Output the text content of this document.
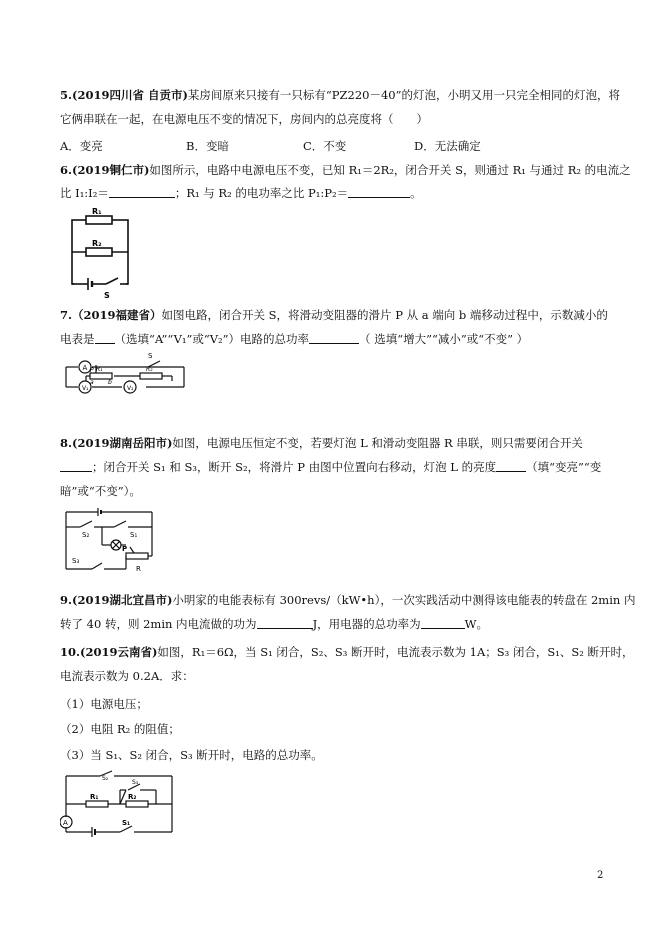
5.(2019四川省 自贡市)某房间原来只接有一只标有“PZ220－40”的灯泡，小明又用一只完全相同的灯泡，将
它俩串联在一起，在电源电压不变的情况下，房间内的总亮度将（　　）
A．变亮	B．变暗	C．不变	D．无法确定
6.(2019铜仁市)如图所示，电路中电源电压不变，已知 R₁＝2R₂，闭合开关 S，则通过 R₁ 与通过 R₂ 的电流之
比 I₁:I₂＝	；R₁ 与 R₂ 的电功率之比 P₁:P₂＝	。
R₁
R₂
S
7.（2019福建省）如图电路，闭合开关 S，将滑动变阻器的滑片 P 从 a 端向 b 端移动过程中，示数减小的
电表是 （选填“A”“V₁”或“V₂”）电路的总功率	（ 选填“增大”“减小”或“不变” ）
A
S
P R₁	R₂
a b
V₁	V₂
8.(2019湖南岳阳市)如图，电源电压恒定不变，若要灯泡 L 和滑动变阻器 R 串联，则只需要闭合开关
；闭合开关 S₁ 和 S₃，断开 S₂，将滑片 P 由图中位置向右移动，灯泡 L 的亮度	（填“变亮”“变
暗”或“不变”）。
S₂	S₁
S₃
P
R
9.(2019湖北宜昌市)小明家的电能表标有 300revs/（kW•h），一次实践活动中测得该电能表的转盘在 2min 内
转了 40 转，则 2min 内电流做的功为	J，用电器的总功率为	W。
10.(2019云南省)如图，R₁＝6Ω，当 S₁ 闭合，S₂、S₃ 断开时，电流表示数为 1A；S₃ 闭合，S₁、S₂ 断开时，
电流表示数为 0.2A．求：
（1）电源电压；
（2）电阻 R₂ 的阻值；
（3）当 S₁、S₂ 闭合，S₃ 断开时，电路的总功率。
S₂
R₁	R₂
S₃
A	S₁
2
